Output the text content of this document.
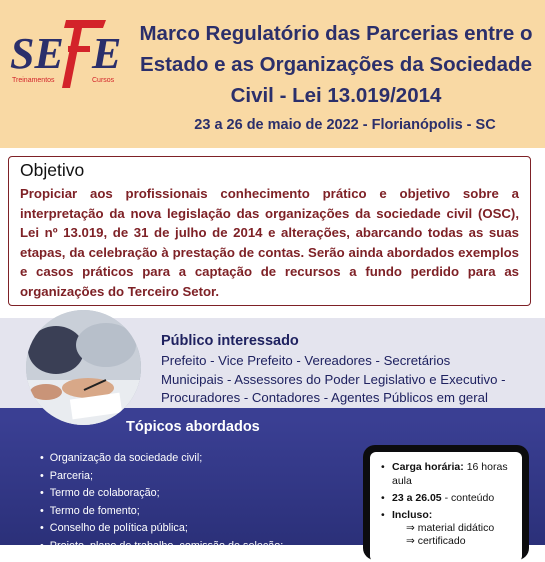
SE E
Treinamentos	Cursos
Marco Regulatório das Parcerias entre o
Estado e as Organizações da Sociedade
Civil - Lei 13.019/2014
23 a 26 de maio de 2022 - Florianópolis - SC
Objetivo
Propiciar aos profissionais conhecimento prático e objetivo sobre a interpretação da nova legislação das organizações da sociedade civil (OSC), Lei nº 13.019, de 31 de julho de 2014 e alterações, abarcando todas as suas etapas, da celebração à prestação de contas. Serão ainda abordados exemplos e casos práticos para a captação de recursos a fundo perdido para as organizações do Terceiro Setor.
Público interessado
Prefeito - Vice Prefeito - Vereadores - Secretários
Municipais - Assessores do Poder Legislativo e Executivo -
Procuradores - Contadores - Agentes Públicos em geral
Tópicos abordados
• Organização da sociedade civil;
• Parceria;
• Termo de colaboração;
• Termo de fomento;
• Conselho de política pública;
• Projeto, plano de trabalho, comissão de seleção;
• Carga horária: 16 horas aula
• 23 a 26.05 - conteúdo
• Incluso:
⇒ material didático
⇒ certificado
